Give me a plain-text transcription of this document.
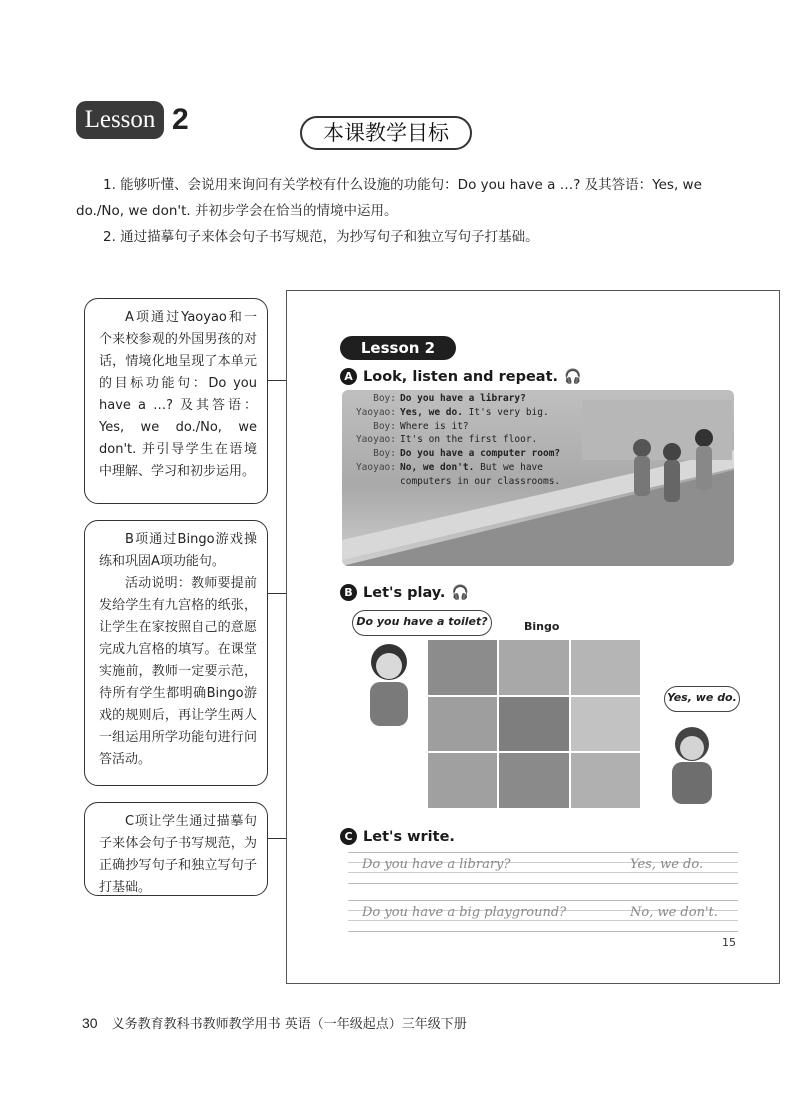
Lesson 2	本课教学目标

1. 能够听懂、会说用来询问有关学校有什么设施的功能句：Do you have a …? 及其答语：Yes, we do./No, we don't. 并初步学会在恰当的情境中运用。

2. 通过描摹句子来体会句子书写规范，为抄写句子和独立写句子打基础。

A项通过Yaoyao和一个来校参观的外国男孩的对话，情境化地呈现了本单元的目标功能句：Do you have a …? 及其答语：Yes, we do./No, we don't. 并引导学生在语境中理解、学习和初步运用。

B项通过Bingo游戏操练和巩固A项功能句。

活动说明：教师要提前发给学生有九宫格的纸张，让学生在家按照自己的意愿完成九宫格的填写。在课堂实施前，教师一定要示范，待所有学生都明确Bingo游戏的规则后，再让学生两人一组运用所学功能句进行问答活动。

C项让学生通过描摹句子来体会句子书写规范，为正确抄写句子和独立写句子打基础。

Lesson 2
A Look, listen and repeat. 🎧
Boy: Do you have a library?
Yaoyao: Yes, we do. It's very big.
Boy: Where is it?
Yaoyao: It's on the first floor.
Boy: Do you have a computer room?
Yaoyao: No, we don't. But we have
computers in our classrooms.
B Let's play. 🎧
Do you have a toilet?	Bingo
Yes, we do.
C Let's write.
Do you have a library?	Yes, we do.
Do you have a big playground?	No, we don't.
15
30 义务教育教科书教师教学用书 英语（一年级起点）三年级下册
